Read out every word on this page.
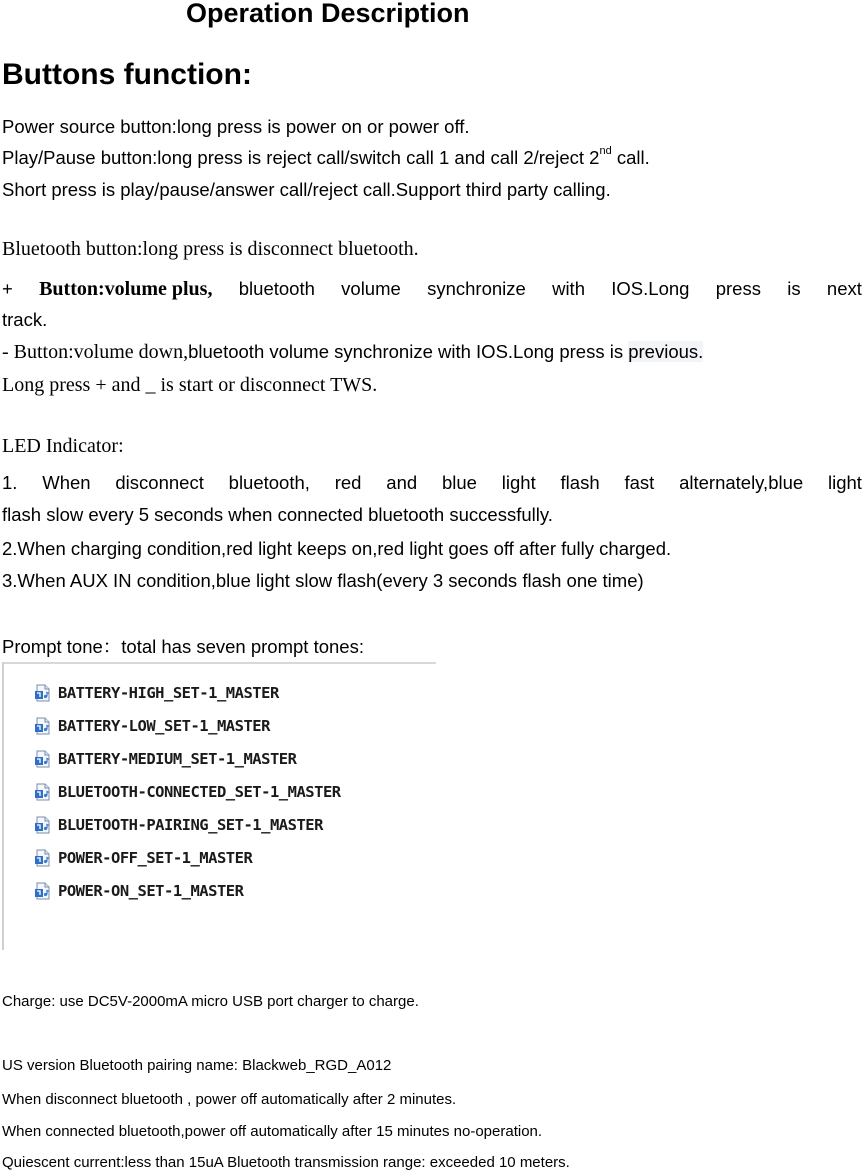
Operation Description
Buttons function:
Power source button:long press is power on or power off.
Play/Pause button:long press is reject call/switch call 1 and call 2/reject 2nd call.
Short press is play/pause/answer call/reject call.Support third party calling.
Bluetooth button:long press is disconnect bluetooth.
+ Button:volume plus, bluetooth volume synchronize with IOS.Long press is next
track.
- Button:volume down,bluetooth volume synchronize with IOS.Long press is previous.
Long press + and _ is start or disconnect TWS.
LED Indicator:
1. When disconnect bluetooth, red and blue light flash fast alternately,blue light
flash slow every 5 seconds when connected bluetooth successfully.
2.When charging condition,red light keeps on,red light goes off after fully charged.
3.When AUX IN condition,blue light slow flash(every 3 seconds flash one time)
Prompt tone：total has seven prompt tones:
BATTERY-HIGH_SET-1_MASTER
BATTERY-LOW_SET-1_MASTER
BATTERY-MEDIUM_SET-1_MASTER
BLUETOOTH-CONNECTED_SET-1_MASTER
BLUETOOTH-PAIRING_SET-1_MASTER
POWER-OFF_SET-1_MASTER
POWER-ON_SET-1_MASTER
Charge: use DC5V-2000mA micro USB port charger to charge.
US version Bluetooth pairing name: Blackweb_RGD_A012
When disconnect bluetooth , power off automatically after 2 minutes.
When connected bluetooth,power off automatically after 15 minutes no-operation.
Quiescent current:less than 15uA Bluetooth transmission range: exceeded 10 meters.
